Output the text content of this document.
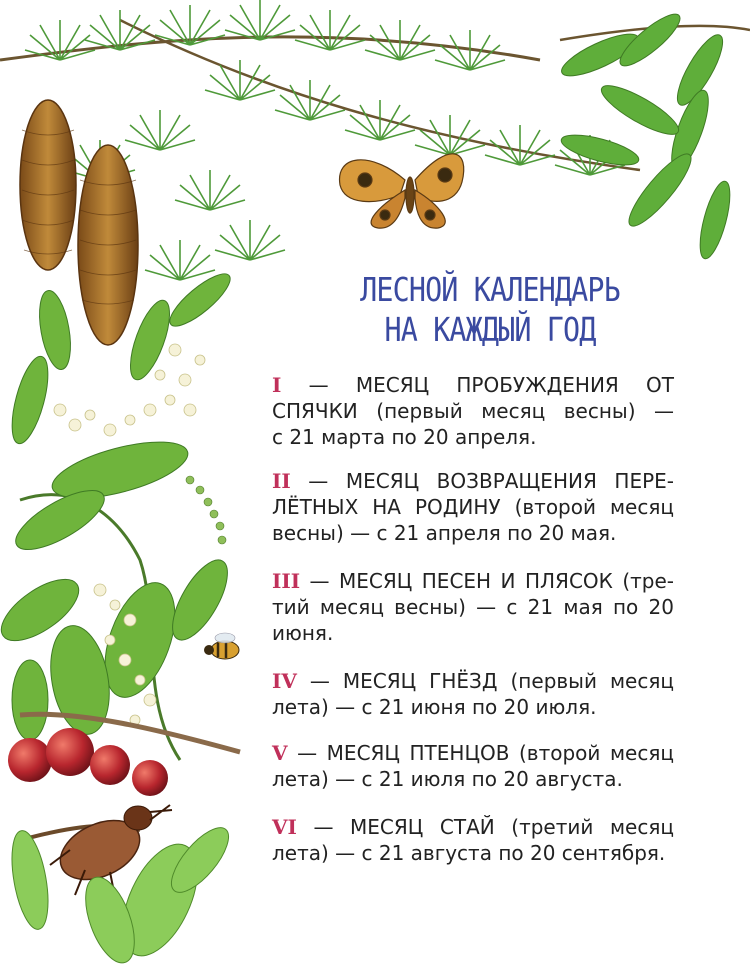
ЛЕСНОЙ КАЛЕНДАРЬ
НА КАЖДЫЙ ГОД
I — МЕСЯЦ ПРОБУЖДЕНИЯ ОТ
СПЯЧКИ (первый месяц весны) —
с 21 марта по 20 апреля.
II — МЕСЯЦ ВОЗВРАЩЕНИЯ ПЕРЕ-
ЛЁТНЫХ НА РОДИНУ (второй месяц
весны) — с 21 апреля по 20 мая.
III — МЕСЯЦ ПЕСЕН И ПЛЯСОК (тре-
тий месяц весны) — с 21 мая по 20
июня.
IV — МЕСЯЦ ГНЁЗД (первый месяц
лета) — с 21 июня по 20 июля.
V — МЕСЯЦ ПТЕНЦОВ (второй месяц
лета) — с 21 июля по 20 августа.
VI — МЕСЯЦ СТАЙ (третий месяц
лета) — с 21 августа по 20 сентября.
